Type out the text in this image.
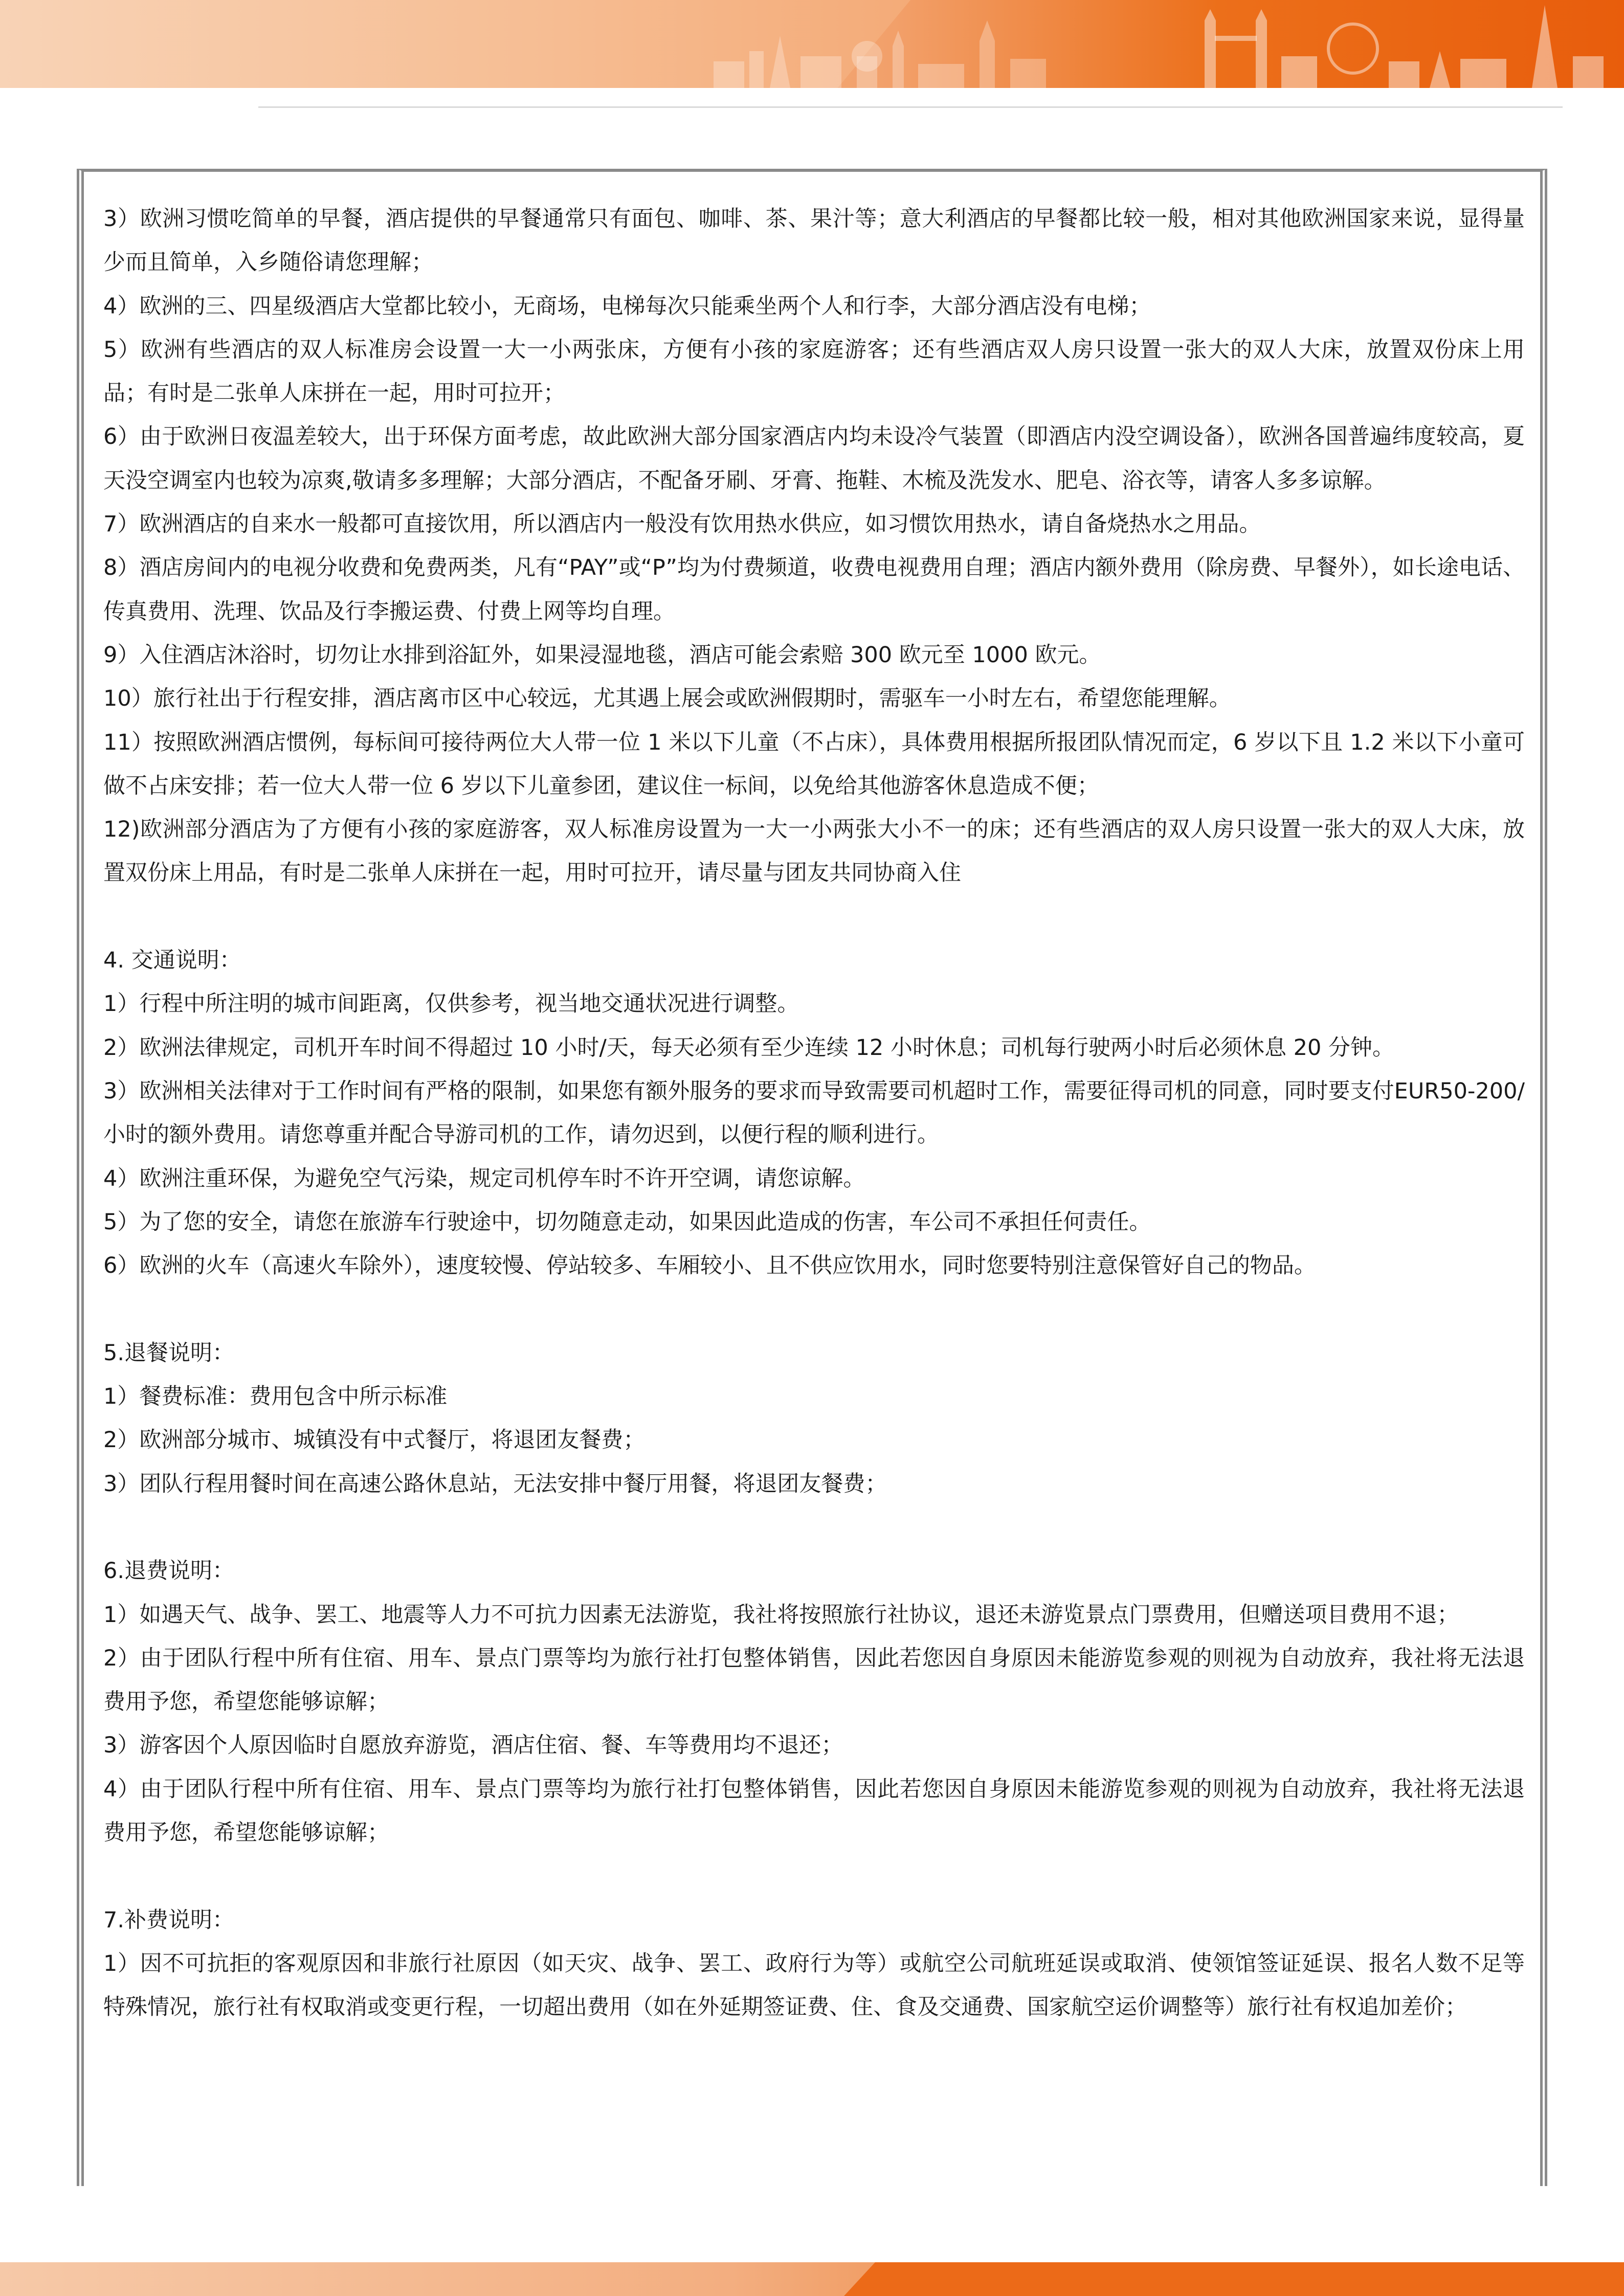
3）欧洲习惯吃简单的早餐，酒店提供的早餐通常只有面包、咖啡、茶、果汁等；意大利酒店的早餐都比较一般，相对其他欧洲国家来说，显得量少而且简单，入乡随俗请您理解；

4）欧洲的三、四星级酒店大堂都比较小，无商场，电梯每次只能乘坐两个人和行李，大部分酒店没有电梯；

5）欧洲有些酒店的双人标准房会设置一大一小两张床，方便有小孩的家庭游客；还有些酒店双人房只设置一张大的双人大床，放置双份床上用品；有时是二张单人床拼在一起，用时可拉开；

6）由于欧洲日夜温差较大，出于环保方面考虑，故此欧洲大部分国家酒店内均未设冷气装置（即酒店内没空调设备），欧洲各国普遍纬度较高，夏天没空调室内也较为凉爽,敬请多多理解；大部分酒店，不配备牙刷、牙膏、拖鞋、木梳及洗发水、肥皂、浴衣等，请客人多多谅解。

7）欧洲酒店的自来水一般都可直接饮用，所以酒店内一般没有饮用热水供应，如习惯饮用热水，请自备烧热水之用品。

8）酒店房间内的电视分收费和免费两类，凡有“PAY”或“P”均为付费频道，收费电视费用自理；酒店内额外费用（除房费、早餐外），如长途电话、传真费用、洗理、饮品及行李搬运费、付费上网等均自理。

9）入住酒店沐浴时，切勿让水排到浴缸外，如果浸湿地毯，酒店可能会索赔 300 欧元至 1000 欧元。

10）旅行社出于行程安排，酒店离市区中心较远，尤其遇上展会或欧洲假期时，需驱车一小时左右，希望您能理解。

11）按照欧洲酒店惯例，每标间可接待两位大人带一位 1 米以下儿童（不占床），具体费用根据所报团队情况而定，6 岁以下且 1.2 米以下小童可做不占床安排；若一位大人带一位 6 岁以下儿童参团，建议住一标间，以免给其他游客休息造成不便；

12)欧洲部分酒店为了方便有小孩的家庭游客，双人标准房设置为一大一小两张大小不一的床；还有些酒店的双人房只设置一张大的双人大床，放置双份床上用品，有时是二张单人床拼在一起，用时可拉开，请尽量与团友共同协商入住

4. 交通说明：

1）行程中所注明的城市间距离，仅供参考，视当地交通状况进行调整。

2）欧洲法律规定，司机开车时间不得超过 10 小时/天，每天必须有至少连续 12 小时休息；司机每行驶两小时后必须休息 20 分钟。

3）欧洲相关法律对于工作时间有严格的限制，如果您有额外服务的要求而导致需要司机超时工作，需要征得司机的同意，同时要支付EUR50-200/小时的额外费用。请您尊重并配合导游司机的工作，请勿迟到，以便行程的顺利进行。

4）欧洲注重环保，为避免空气污染，规定司机停车时不许开空调，请您谅解。

5）为了您的安全，请您在旅游车行驶途中，切勿随意走动，如果因此造成的伤害，车公司不承担任何责任。

6）欧洲的火车（高速火车除外），速度较慢、停站较多、车厢较小、且不供应饮用水，同时您要特别注意保管好自己的物品。

5.退餐说明：

1）餐费标准：费用包含中所示标准

2）欧洲部分城市、城镇没有中式餐厅，将退团友餐费；

3）团队行程用餐时间在高速公路休息站，无法安排中餐厅用餐，将退团友餐费；

6.退费说明：

1）如遇天气、战争、罢工、地震等人力不可抗力因素无法游览，我社将按照旅行社协议，退还未游览景点门票费用，但赠送项目费用不退；

2）由于团队行程中所有住宿、用车、景点门票等均为旅行社打包整体销售，因此若您因自身原因未能游览参观的则视为自动放弃，我社将无法退费用予您，希望您能够谅解；

3）游客因个人原因临时自愿放弃游览，酒店住宿、餐、车等费用均不退还；

4）由于团队行程中所有住宿、用车、景点门票等均为旅行社打包整体销售，因此若您因自身原因未能游览参观的则视为自动放弃，我社将无法退费用予您，希望您能够谅解；

7.补费说明：

1）因不可抗拒的客观原因和非旅行社原因（如天灾、战争、罢工、政府行为等）或航空公司航班延误或取消、使领馆签证延误、报名人数不足等特殊情况，旅行社有权取消或变更行程，一切超出费用（如在外延期签证费、住、食及交通费、国家航空运价调整等）旅行社有权追加差价；
